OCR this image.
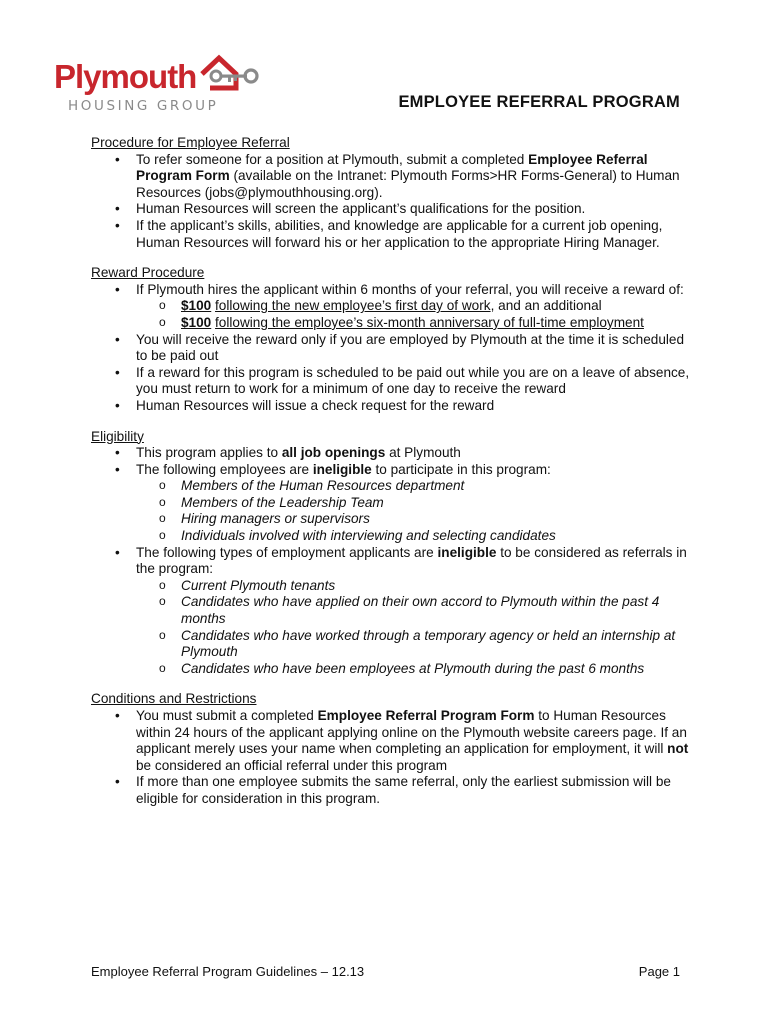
Plymouth
HOUSING GROUP	EMPLOYEE REFERRAL PROGRAM

Procedure for Employee Referral

• To refer someone for a position at Plymouth, submit a completed Employee Referral Program Form (available on the Intranet: Plymouth Forms>HR Forms-General) to Human Resources (jobs@plymouthhousing.org).
• Human Resources will screen the applicant’s qualifications for the position.
• If the applicant’s skills, abilities, and knowledge are applicable for a current job opening, Human Resources will forward his or her application to the appropriate Hiring Manager.

Reward Procedure

• If Plymouth hires the applicant within 6 months of your referral, you will receive a reward of:
o $100 following the new employee’s first day of work, and an additional
o $100 following the employee’s six-month anniversary of full-time employment
• You will receive the reward only if you are employed by Plymouth at the time it is scheduled to be paid out
• If a reward for this program is scheduled to be paid out while you are on a leave of absence, you must return to work for a minimum of one day to receive the reward
• Human Resources will issue a check request for the reward

Eligibility

• This program applies to all job openings at Plymouth
• The following employees are ineligible to participate in this program:
o Members of the Human Resources department
o Members of the Leadership Team
o Hiring managers or supervisors
o Individuals involved with interviewing and selecting candidates
• The following types of employment applicants are ineligible to be considered as referrals in the program:
o Current Plymouth tenants
o Candidates who have applied on their own accord to Plymouth within the past 4 months
o Candidates who have worked through a temporary agency or held an internship at Plymouth
o Candidates who have been employees at Plymouth during the past 6 months

Conditions and Restrictions

• You must submit a completed Employee Referral Program Form to Human Resources within 24 hours of the applicant applying online on the Plymouth website careers page. If an applicant merely uses your name when completing an application for employment, it will not be considered an official referral under this program
• If more than one employee submits the same referral, only the earliest submission will be eligible for consideration in this program.
Employee Referral Program Guidelines – 12.13	Page 1
